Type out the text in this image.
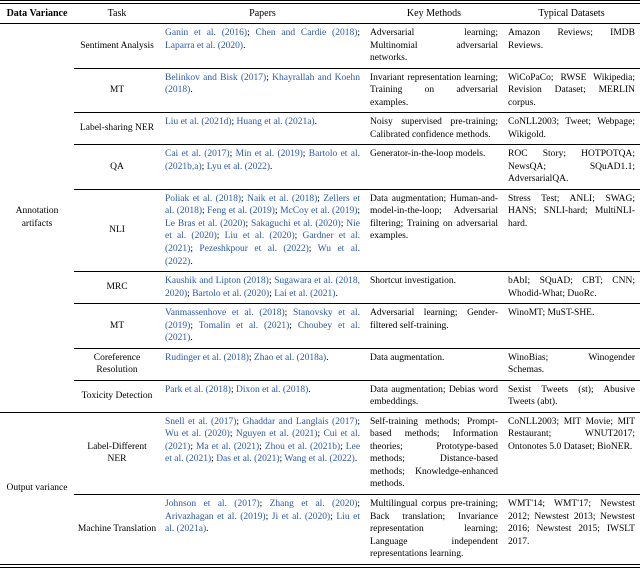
Data Variance	Task	Papers	Key Methods	Typical Datasets
Annotation artifacts	Sentiment Analysis	Ganin et al. (2016); Chen and Cardie (2018); Laparra et al. (2020).	Adversarial learning; Multinomial adversarial networks.	Amazon Reviews; IMDB Reviews.
	MT	Belinkov and Bisk (2017); Khayrallah and Koehn (2018).	Invariant representation learning; Training on adversarial examples.	WiCoPaCo; RWSE Wikipedia; Revision Dataset; MERLIN corpus.
	Label-sharing NER	Liu et al. (2021d); Huang et al. (2021a).	Noisy supervised pre-training; Calibrated confidence methods.	CoNLL2003; Tweet; Webpage; Wikigold.
	QA	Cai et al. (2017); Min et al. (2019); Bartolo et al. (2021b,a); Lyu et al. (2022).	Generator-in-the-loop models.	ROC Story; HOTPOTQA; NewsQA; SQuAD1.1; AdversarialQA.
	NLI	Poliak et al. (2018); Naik et al. (2018); Zellers et al. (2018); Feng et al. (2019); McCoy et al. (2019); Le Bras et al. (2020); Sakaguchi et al. (2020); Nie et al. (2020); Liu et al. (2020); Gardner et al. (2021); Pezeshkpour et al. (2022); Wu et al. (2022).	Data augmentation; Human-and-model-in-the-loop; Adversarial filtering; Training on adversarial examples.	Stress Test; ANLI; SWAG; HANS; SNLI-hard; MultiNLI-hard.
	MRC	Kaushik and Lipton (2018); Sugawara et al. (2018, 2020); Bartolo et al. (2020); Lai et al. (2021).	Shortcut investigation.	bAbI; SQuAD; CBT; CNN; Whodid-What; DuoRc.
	MT	Vanmassenhove et al. (2018); Stanovsky et al. (2019); Tomalin et al. (2021); Choubey et al. (2021).	Adversarial learning; Gender-filtered self-training.	WinoMT; MuST-SHE.
	Coreference Resolution	Rudinger et al. (2018); Zhao et al. (2018a).	Data augmentation.	WinoBias; Winogender Schemas.
	Toxicity Detection	Park et al. (2018); Dixon et al. (2018).	Data augmentation; Debias word embeddings.	Sexist Tweets (st); Abusive Tweets (abt).
Output variance	Label-Different NER	Snell et al. (2017); Ghaddar and Langlais (2017); Wu et al. (2020); Nguyen et al. (2021); Cui et al. (2021); Ma et al. (2021); Zhou et al. (2021b); Lee et al. (2021); Das et al. (2021); Wang et al. (2022).	Self-training methods; Prompt-based methods; Information theories; Prototype-based methods; Distance-based methods; Knowledge-enhanced methods.	CoNLL2003; MIT Movie; MIT Restaurant; WNUT2017; Ontonotes 5.0 Dataset; BioNER.
	Machine Translation	Johnson et al. (2017); Zhang et al. (2020); Arivazhagan et al. (2019); Ji et al. (2020); Liu et al. (2021a).	Multilingual corpus pre-training; Back translation; Invariance representation learning; Language independent representations learning.	WMT'14; WMT'17; Newstest 2012; Newstest 2013; Newstest 2016; Newstest 2015; IWSLT 2017.
